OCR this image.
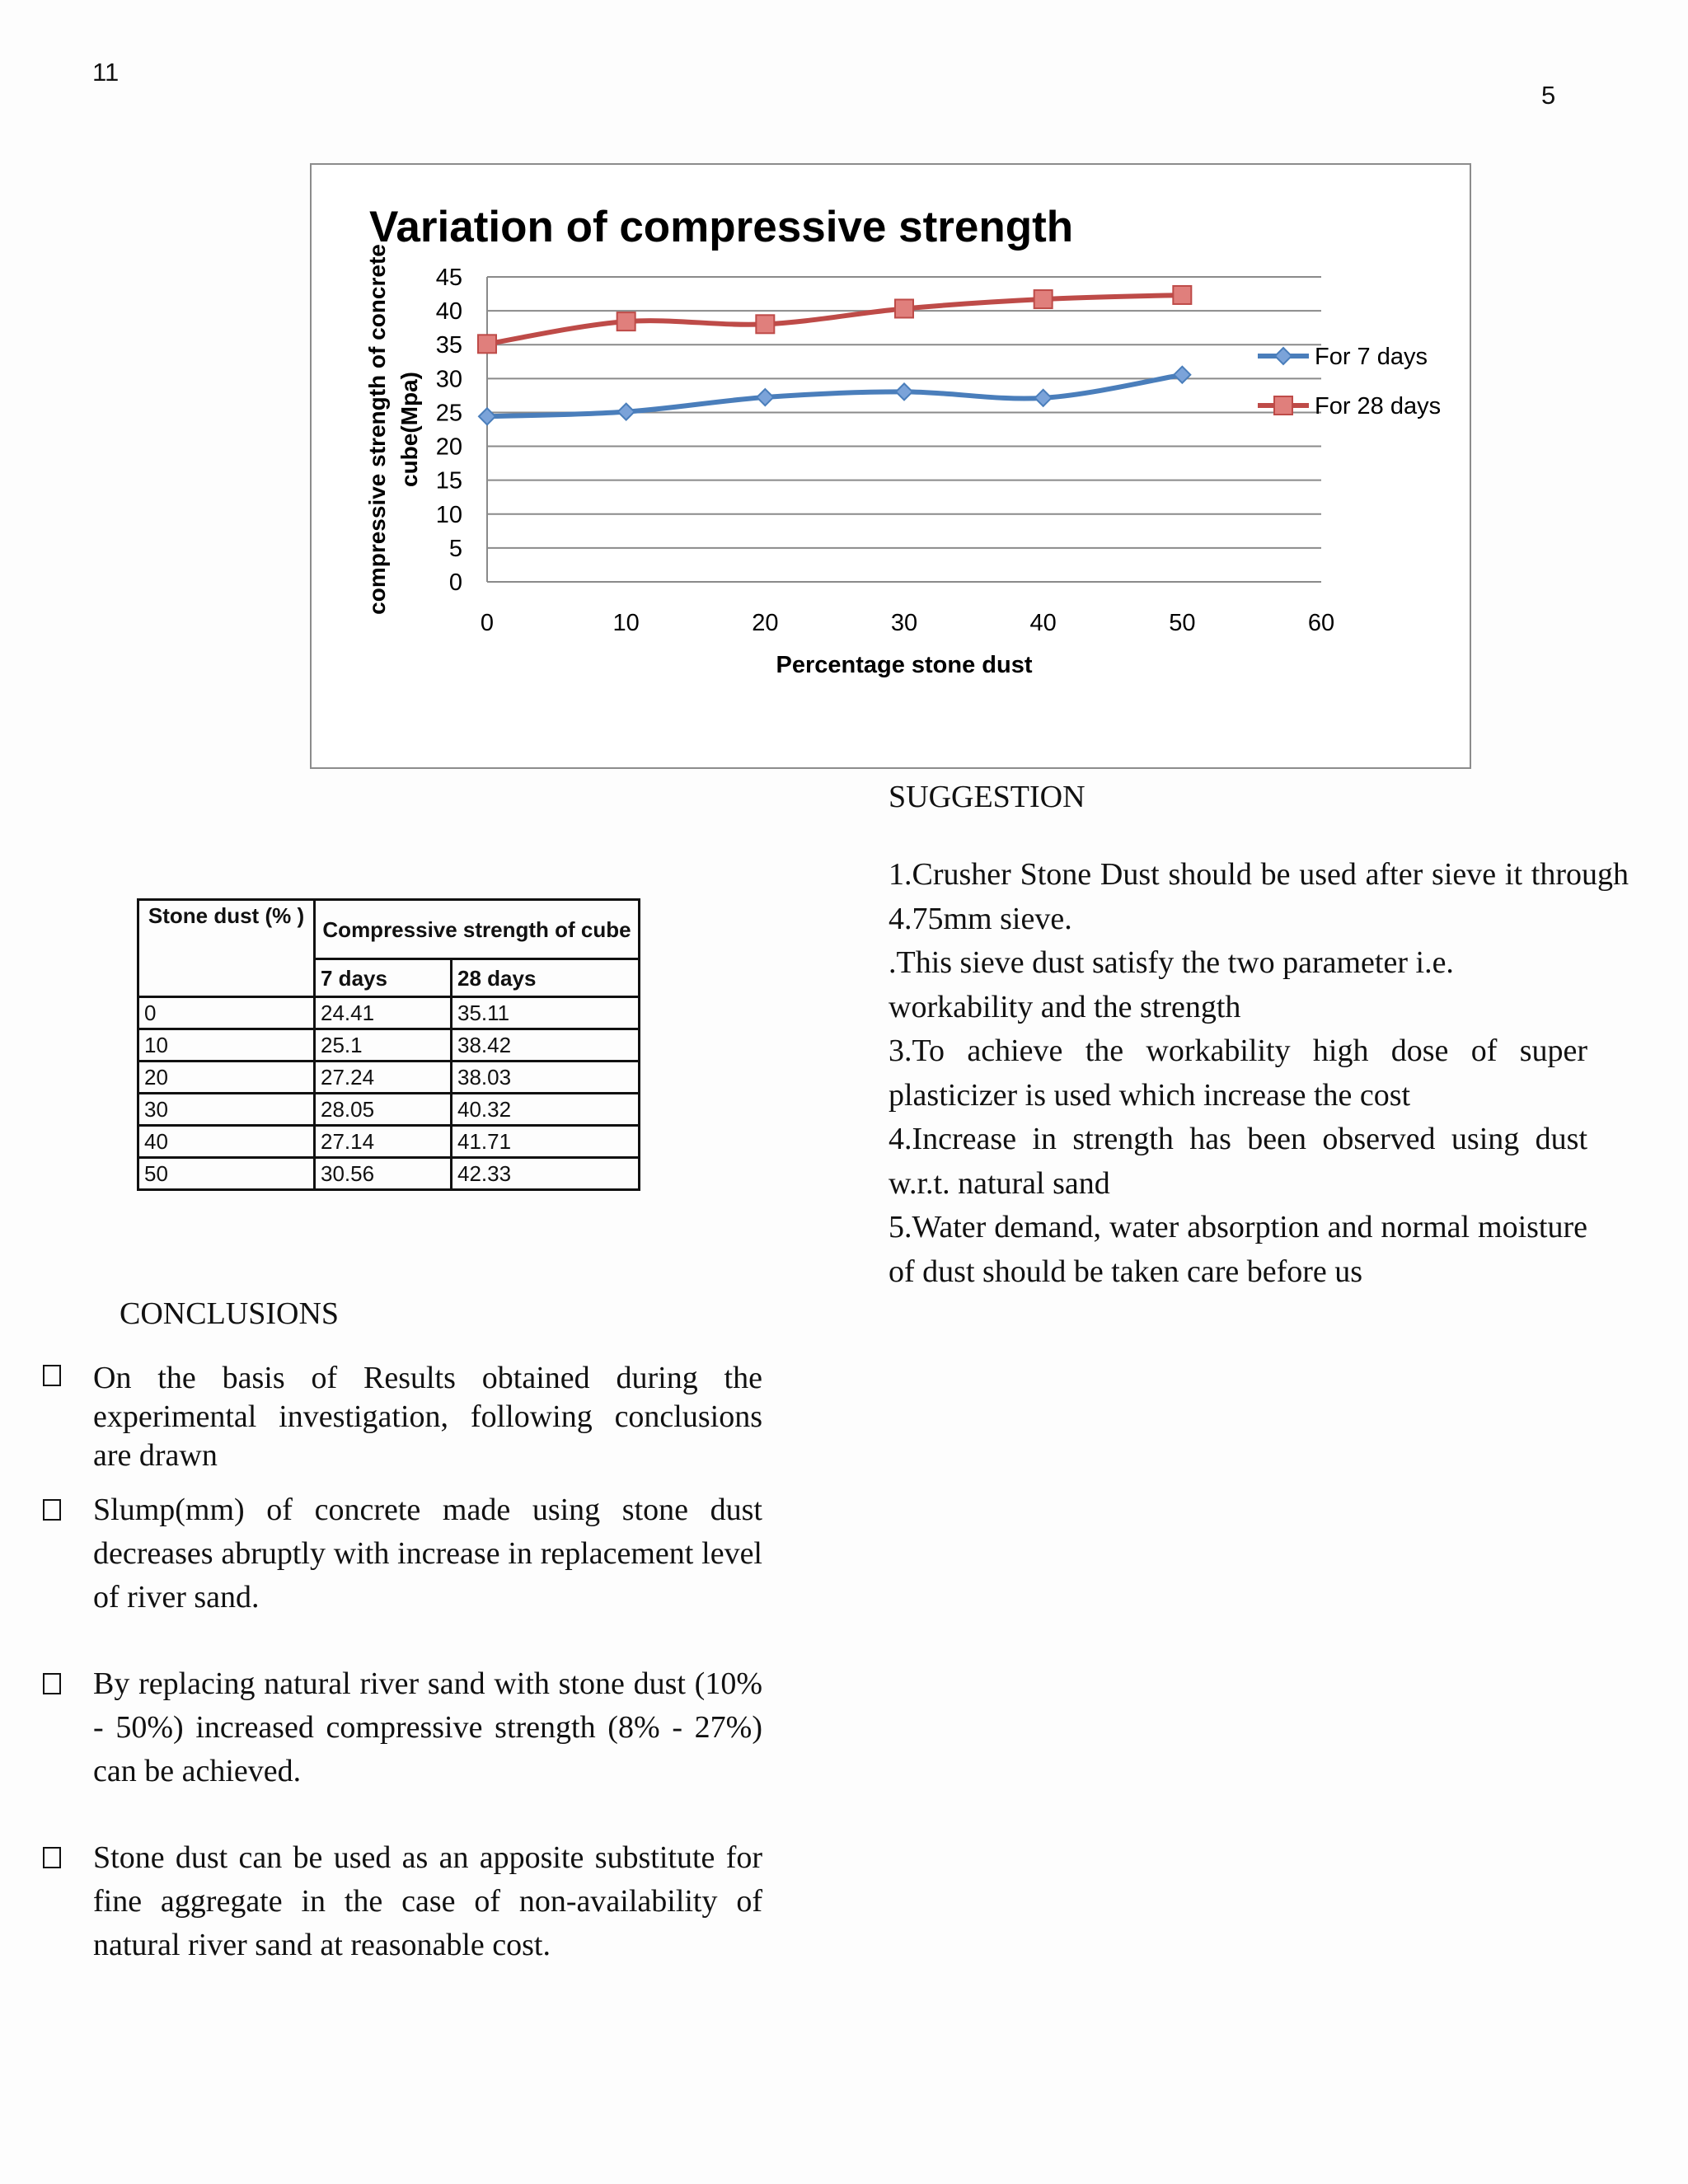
11
5
Variation of compressive strength
0
5
10
15
20
25
30
35
40
45
0	10	20	30	40	50	60
Percentage stone dust
compressive strength of concrete cube(Mpa)
For 7 days
For 28 days
Stone dust (% )	Compressive strength of cube	
	7 days	28 days
0	24.41	35.11
10	25.1	38.42
20	27.24	38.03
30	28.05	40.32
40	27.14	41.71
50	30.56	42.33
CONCLUSIONS
On the basis of Results obtained during the experimental investigation, following conclusions are drawn
Slump(mm) of concrete made using stone dust decreases abruptly with increase in replacement level of river sand.
By replacing natural river sand with stone dust (10% - 50%) increased compressive strength (8% - 27%) can be achieved.
Stone dust can be used as an apposite substitute for fine aggregate in the case of non-availability of natural river sand at reasonable cost.
SUGGESTION

1.Crusher Stone Dust should be used after sieve it through 4.75mm sieve.

.This sieve dust satisfy the two parameter i.e.

workability and the strength

3.To achieve the workability high dose of super plasticizer is used which increase the cost

4.Increase in strength has been observed using dust w.r.t. natural sand

5.Water demand, water absorption and normal moisture of dust should be taken care before us
